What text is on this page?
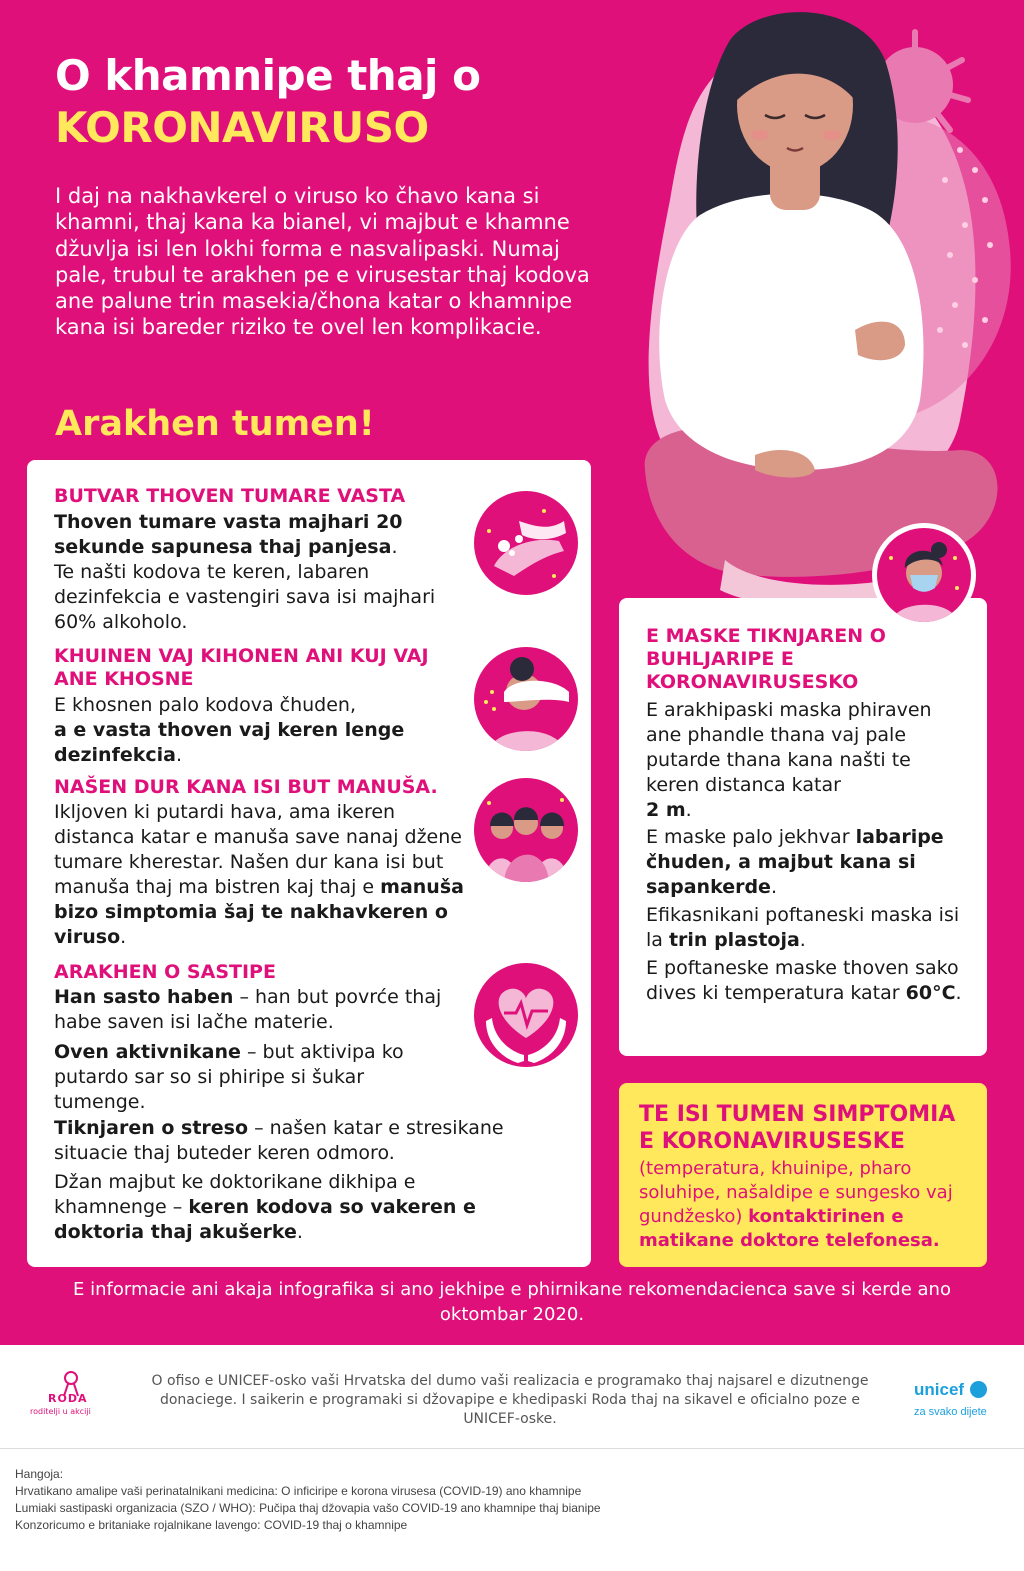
O khamnipe thaj o
KORONAVIRUSO

I daj na nakhavkerel o viruso ko čhavo kana si khamni, thaj kana ka bianel, vi majbut e khamne džuvlja isi len lokhi forma e nasvalipaski. Numaj pale, trubul te arakhen pe e virusestar thaj kodova ane palune trin masekia/čhona katar o khamnipe kana isi bareder riziko te ovel len komplikacie.

Arakhen tumen!
BUTVAR THOVEN TUMARE VASTA

Thoven tumare vasta majhari 20 sekunde sapunesa thaj panjesa.
Te našti kodova te keren, labaren dezinfekcia e vastengiri sava isi majhari 60% alkoholo.

KHUINEN VAJ KIHONEN ANI KUJ VAJ ANE KHOSNE

E khosnen palo kodova čhuden,
a e vasta thoven vaj keren lenge dezinfekcia.

NAŠEN DUR KANA ISI BUT MANUŠA.

Ikljoven ki putardi hava, ama ikeren distanca katar e manuša save nanaj džene tumare kherestar. Našen dur kana isi but manuša thaj ma bistren kaj thaj e manuša bizo simptomia šaj te nakhavkeren o viruso.

ARAKHEN O SASTIPE

Han sasto haben – han but povrće thaj habe saven isi lačhe materie.

Oven aktivnikane – but aktivipa ko putardo sar so si phiripe si šukar tumenge.

Tiknjaren o streso – našen katar e stresikane situacie thaj buteder keren odmoro.

Džan majbut ke doktorikane dikhipa e khamnenge – keren kodova so vakeren e doktoria thaj akušerke.

E MASKE TIKNJAREN O BUHLJARIPE E KORONAVIRUSESKO

E arakhipaski maska phiraven ane phandle thana vaj pale putarde thana kana našti te keren distanca katar
2 m.

E maske palo jekhvar labaripe čhuden, a majbut kana si sapankerde.

Efikasnikani poftaneski maska isi la trin plastoja.

E poftaneske maske thoven sako dives ki temperatura katar 60°C.

TE ISI TUMEN SIMPTOMIA E KORONAVIRUSESKE

(temperatura, khuinipe, pharo soluhipe, našaldipe e sungesko vaj gundžesko) kontaktirinen e matikane doktore telefonesa.

E informacie ani akaja infografika si ano jekhipe e phirnikane rekomendacienca save si kerde ano oktombar 2020.

RODA
roditelji u akciji

O ofiso e UNICEF-osko vaši Hrvatska del dumo vaši realizacia e programako thaj najsarel e dizutnenge donaciege. I saikerin e programaki si džovapipe e khedipaski Roda thaj na sikavel e oficialno poze e UNICEF-oske.

unicef
za svako dijete
Hangoja:
Hrvatikano amalipe vaši perinatalnikani medicina: O inficiripe e korona virusesa (COVID-19) ano khamnipe
Lumiaki sastipaski organizacia (SZO / WHO): Pučipa thaj džovapia vašo COVID-19 ano khamnipe thaj bianipe
Konzoricumo e britaniake rojalnikane lavengo: COVID-19 thaj o khamnipe
